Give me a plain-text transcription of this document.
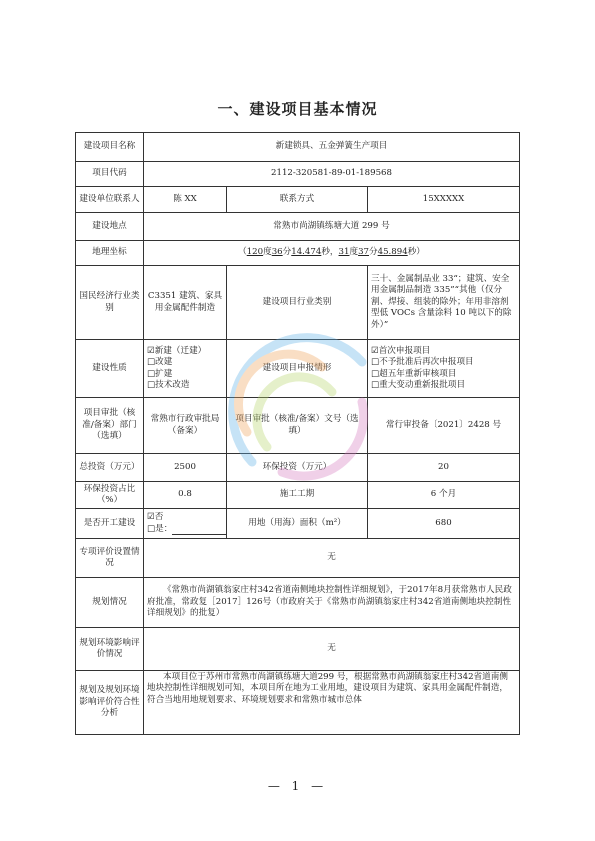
一、建设项目基本情况
建设项目名称	新建锁具、五金弹簧生产项目		
项目代码	2112-320581-89-01-189568		
建设单位联系人	陈 XX	联系方式	15XXXXX
建设地点	常熟市尚湖镇练塘大道 299 号		
地理坐标	（120度36分14.474秒，31度37分45.894秒）		
国民经济行业类别	C3351 建筑、家具用金属配件制造	建设项目行业类别	三十、金属制品业 33“；建筑、安全用金属制品制造 335”“其他（仅分割、焊接、组装的除外；年用非溶剂型低 VOCs 含量涂料 10 吨以下的除外）”
建设性质	☑新建（迁建）
□改建
□扩建
□技术改造	建设项目申报情形	☑首次申报项目
□不予批准后再次申报项目
□超五年重新审核项目
□重大变动重新报批项目

项目审批（核准/备案）部门（选填）	常熟市行政审批局（备案）	项目审批（核准/备案）文号（选填）	常行审投备〔2021〕2428 号
总投资（万元）	2500	环保投资（万元）	20
环保投资占比（%）	0.8	施工工期	6 个月
是否开工建设	☑否
□是：	用地（用海）面积（m²）	680
专项评价设置情况	无		
规划情况	《常熟市尚湖镇翁家庄村342省道南侧地块控制性详细规划》，于2017年8月获常熟市人民政府批准，常政复［2017］126号（市政府关于《常熟市尚湖镇翁家庄村342省道南侧地块控制性详细规划》的批复）		
规划环境影响评价情况	无		
规划及规划环境影响评价符合性分析	本项目位于苏州市常熟市尚湖镇练塘大道299 号，根据常熟市尚湖镇翁家庄村342省道南侧地块控制性详细规划可知，本项目所在地为工业用地，建设项目为建筑、家具用金属配件制造，符合当地用地规划要求、环境规划要求和常熟市城市总体		
— 1 —
